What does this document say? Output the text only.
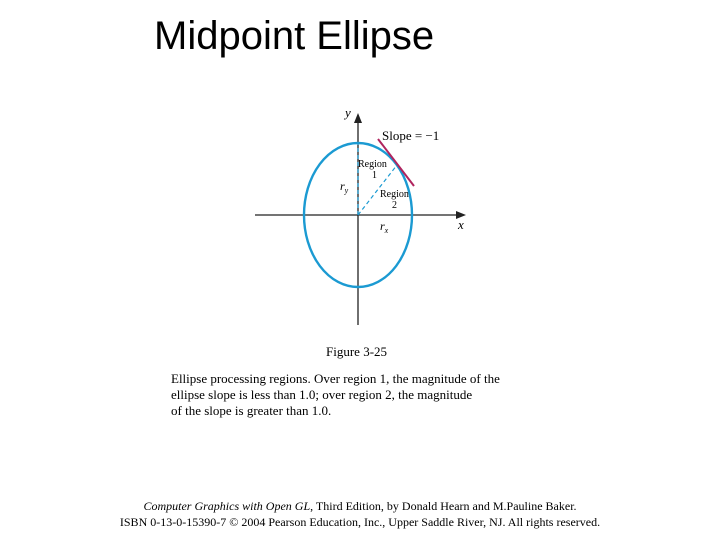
Midpoint Ellipse
y
x
Slope = −1
Region
1
Region
2
$r_y$
$r_x$
Figure 3-25
Ellipse processing regions. Over region 1, the magnitude of the
ellipse slope is less than 1.0; over region 2, the magnitude
of the slope is greater than 1.0.
Computer Graphics with Open GL, Third Edition, by Donald Hearn and M.Pauline Baker.
ISBN 0-13-0-15390-7 © 2004 Pearson Education, Inc., Upper Saddle River, NJ. All rights reserved.
